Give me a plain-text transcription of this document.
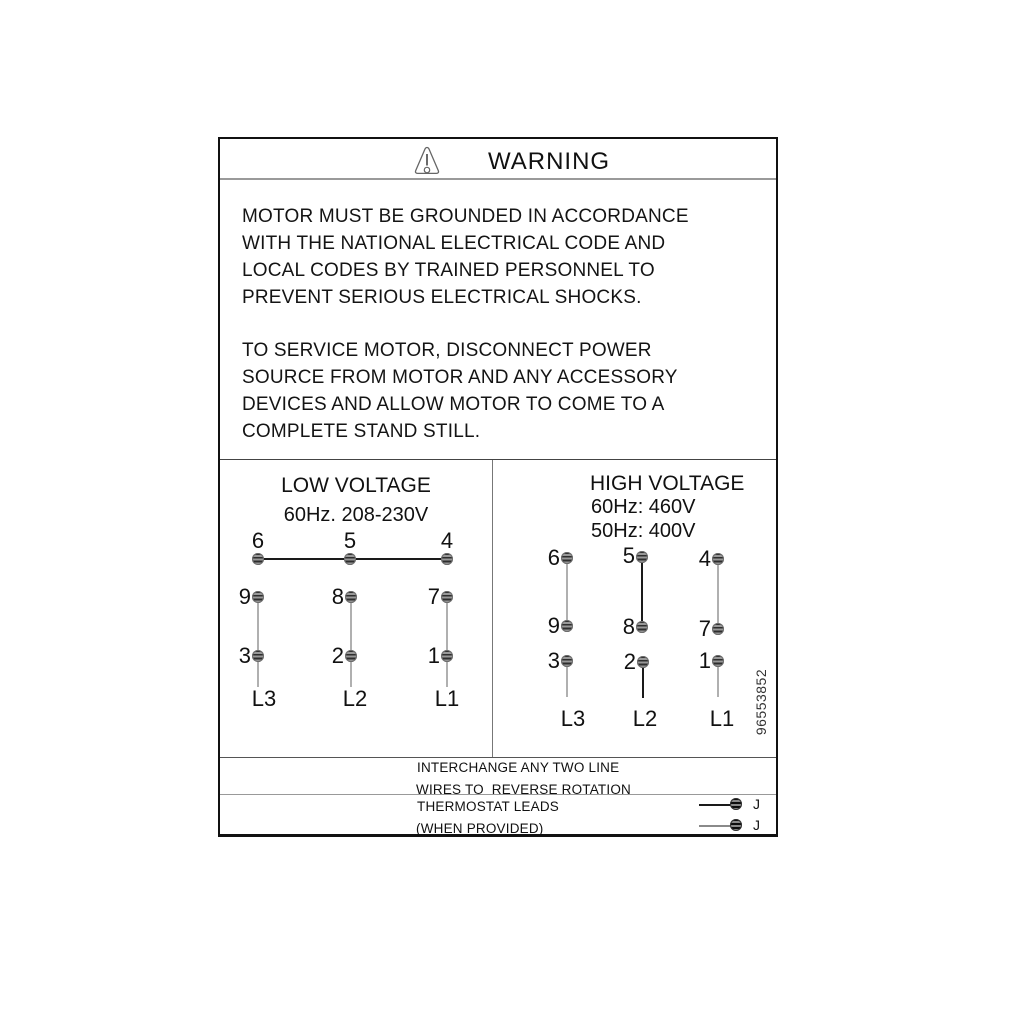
WARNING
MOTOR MUST BE GROUNDED IN ACCORDANCE
WITH THE NATIONAL ELECTRICAL CODE AND
LOCAL CODES BY TRAINED PERSONNEL TO
PREVENT SERIOUS ELECTRICAL SHOCKS.
TO SERVICE MOTOR, DISCONNECT POWER
SOURCE FROM MOTOR AND ANY ACCESSORY
DEVICES AND ALLOW MOTOR TO COME TO A
COMPLETE STAND STILL.
LOW VOLTAGE
60Hz. 208-230V
6	5	4
9	8	7
3	2	1
L3	L2	L1
HIGH VOLTAGE
60Hz: 460V
50Hz: 400V
6	5	4
9	8	7
3	2	1
L3	L2	L1	96553852
INTERCHANGE ANY TWO LINE
WIRES TO  REVERSE ROTATION
THERMOSTAT LEADS
(WHEN PROVIDED)
J
J
